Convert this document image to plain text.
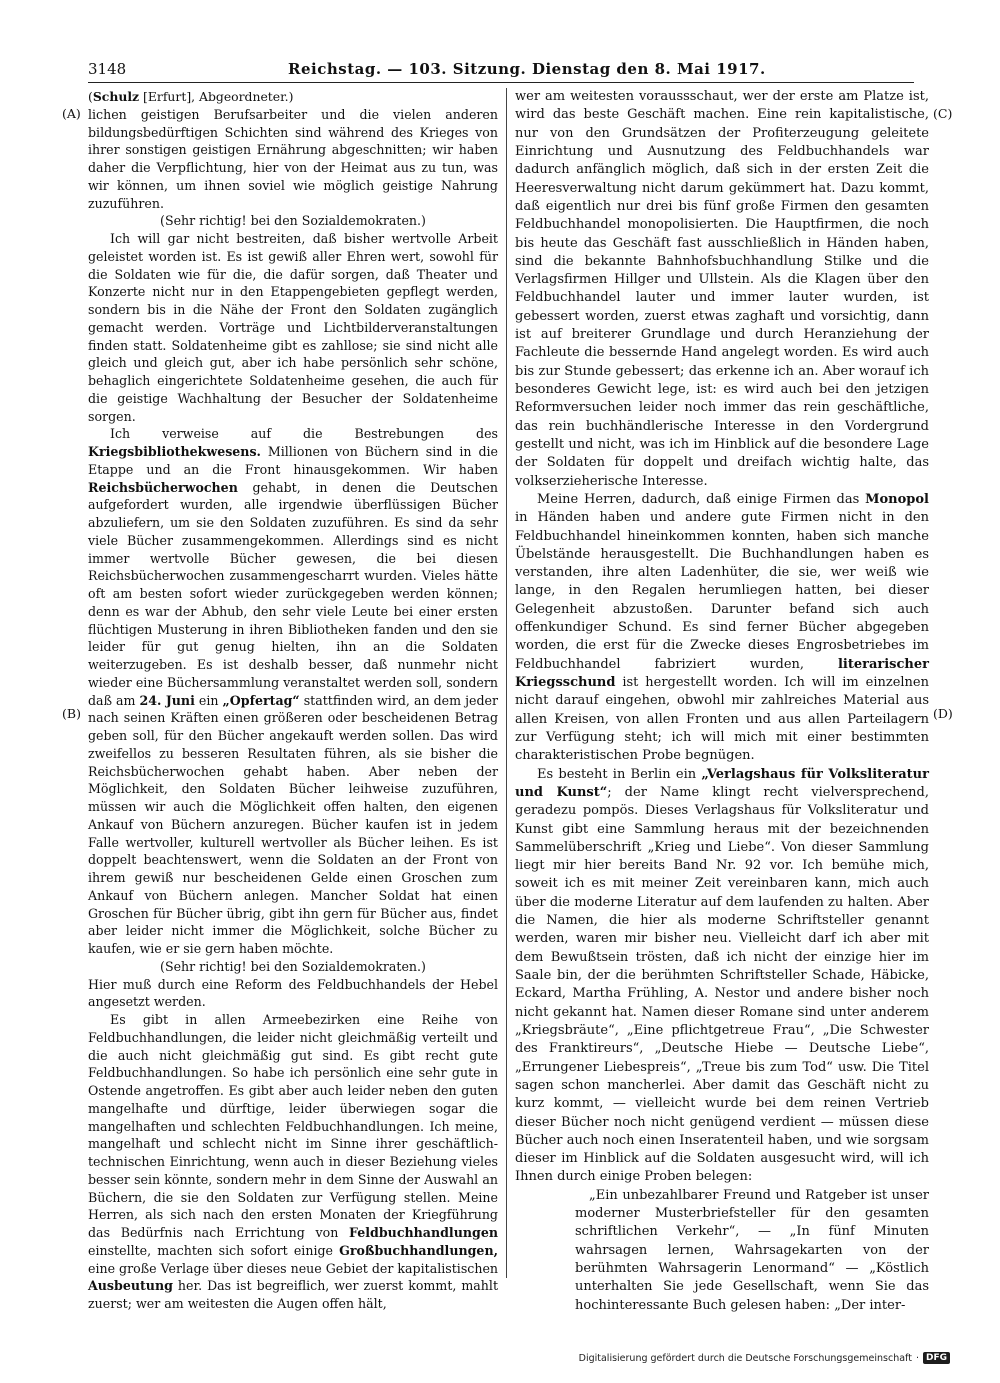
3148	Reichstag. — 103. Sitzung. Dienstag den 8. Mai 1917.
(A)
(B)
(C)
(D)

(Schulz [Erfurt], Abgeordneter.)

lichen geistigen Berufsarbeiter und die vielen anderen bildungsbedürftigen Schichten sind während des Krieges von ihrer sonstigen geistigen Ernährung abgeschnitten; wir haben daher die Verpflichtung, hier von der Heimat aus zu tun, was wir können, um ihnen soviel wie möglich geistige Nahrung zuzuführen.

(Sehr richtig! bei den Sozialdemokraten.)

Ich will gar nicht bestreiten, daß bisher wertvolle Arbeit geleistet worden ist. Es ist gewiß aller Ehren wert, sowohl für die Soldaten wie für die, die dafür sorgen, daß Theater und Konzerte nicht nur in den Etappengebieten gepflegt werden, sondern bis in die Nähe der Front den Soldaten zugänglich gemacht werden. Vorträge und Lichtbilderveranstaltungen finden statt. Soldatenheime gibt es zahllose; sie sind nicht alle gleich und gleich gut, aber ich habe persönlich sehr schöne, behaglich eingerichtete Soldatenheime gesehen, die auch für die geistige Wachhaltung der Besucher der Soldatenheime sorgen.

Ich verweise auf die Bestrebungen des Kriegsbibliothekwesens. Millionen von Büchern sind in die Etappe und an die Front hinausgekommen. Wir haben Reichsbücherwochen gehabt, in denen die Deutschen aufgefordert wurden, alle irgendwie überflüssigen Bücher abzuliefern, um sie den Soldaten zuzuführen. Es sind da sehr viele Bücher zusammengekommen. Allerdings sind es nicht immer wertvolle Bücher gewesen, die bei diesen Reichsbücherwochen zusammengescharrt wurden. Vieles hätte oft am besten sofort wieder zurückgegeben werden können; denn es war der Abhub, den sehr viele Leute bei einer ersten flüchtigen Musterung in ihren Bibliotheken fanden und den sie leider für gut genug hielten, ihn an die Soldaten weiterzugeben. Es ist deshalb besser, daß nunmehr nicht wieder eine Büchersammlung veranstaltet werden soll, sondern daß am 24. Juni ein „Opfertag“ stattfinden wird, an dem jeder nach seinen Kräften einen größeren oder bescheidenen Betrag geben soll, für den Bücher angekauft werden sollen. Das wird zweifellos zu besseren Resultaten führen, als sie bisher die Reichsbücherwochen gehabt haben. Aber neben der Möglichkeit, den Soldaten Bücher leihweise zuzuführen, müssen wir auch die Möglichkeit offen halten, den eigenen Ankauf von Büchern anzuregen. Bücher kaufen ist in jedem Falle wertvoller, kulturell wertvoller als Bücher leihen. Es ist doppelt beachtenswert, wenn die Soldaten an der Front von ihrem gewiß nur bescheidenen Gelde einen Groschen zum Ankauf von Büchern anlegen. Mancher Soldat hat einen Groschen für Bücher übrig, gibt ihn gern für Bücher aus, findet aber leider nicht immer die Möglichkeit, solche Bücher zu kaufen, wie er sie gern haben möchte.

(Sehr richtig! bei den Sozialdemokraten.)

Hier muß durch eine Reform des Feldbuchhandels der Hebel angesetzt werden.

Es gibt in allen Armeebezirken eine Reihe von Feldbuchhandlungen, die leider nicht gleichmäßig verteilt und die auch nicht gleichmäßig gut sind. Es gibt recht gute Feldbuchhandlungen. So habe ich persönlich eine sehr gute in Ostende angetroffen. Es gibt aber auch leider neben den guten mangelhafte und dürftige, leider überwiegen sogar die mangelhaften und schlechten Feldbuchhandlungen. Ich meine, mangelhaft und schlecht nicht im Sinne ihrer geschäftlich-technischen Einrichtung, wenn auch in dieser Beziehung vieles besser sein könnte, sondern mehr in dem Sinne der Auswahl an Büchern, die sie den Soldaten zur Verfügung stellen. Meine Herren, als sich nach den ersten Monaten der Kriegführung das Bedürfnis nach Errichtung von Feldbuchhandlungen einstellte, machten sich sofort einige Großbuchhandlungen, eine große Verlage über dieses neue Gebiet der kapitalistischen Ausbeutung her. Das ist begreiflich, wer zuerst kommt, mahlt zuerst; wer am weitesten die Augen offen hält,

wer am weitesten voraussschaut, wer der erste am Platze ist, wird das beste Geschäft machen. Eine rein kapitalistische, nur von den Grundsätzen der Profiterzeugung geleitete Einrichtung und Ausnutzung des Feldbuchhandels war dadurch anfänglich möglich, daß sich in der ersten Zeit die Heeresverwaltung nicht darum gekümmert hat. Dazu kommt, daß eigentlich nur drei bis fünf große Firmen den gesamten Feldbuchhandel monopolisierten. Die Hauptfirmen, die noch bis heute das Geschäft fast ausschließlich in Händen haben, sind die bekannte Bahnhofsbuchhandlung Stilke und die Verlagsfirmen Hillger und Ullstein. Als die Klagen über den Feldbuchhandel lauter und immer lauter wurden, ist gebessert worden, zuerst etwas zaghaft und vorsichtig, dann ist auf breiterer Grundlage und durch Heranziehung der Fachleute die bessernde Hand angelegt worden. Es wird auch bis zur Stunde gebessert; das erkenne ich an. Aber worauf ich besonderes Gewicht lege, ist: es wird auch bei den jetzigen Reformversuchen leider noch immer das rein geschäftliche, das rein buchhändlerische Interesse in den Vordergrund gestellt und nicht, was ich im Hinblick auf die besondere Lage der Soldaten für doppelt und dreifach wichtig halte, das volkserzieherische Interesse.

Meine Herren, dadurch, daß einige Firmen das Monopol in Händen haben und andere gute Firmen nicht in den Feldbuchhandel hineinkommen konnten, haben sich manche Übelstände herausgestellt. Die Buchhandlungen haben es verstanden, ihre alten Ladenhüter, die sie, wer weiß wie lange, in den Regalen herumliegen hatten, bei dieser Gelegenheit abzustoßen. Darunter befand sich auch offenkundiger Schund. Es sind ferner Bücher abgegeben worden, die erst für die Zwecke dieses Engrosbetriebes im Feldbuchhandel fabriziert wurden, literarischer Kriegsschund ist hergestellt worden. Ich will im einzelnen nicht darauf eingehen, obwohl mir zahlreiches Material aus allen Kreisen, von allen Fronten und aus allen Parteilagern zur Verfügung steht; ich will mich mit einer bestimmten charakteristischen Probe begnügen.

Es besteht in Berlin ein „Verlagshaus für Volksliteratur und Kunst“; der Name klingt recht vielversprechend, geradezu pompös. Dieses Verlagshaus für Volksliteratur und Kunst gibt eine Sammlung heraus mit der bezeichnenden Sammelüberschrift „Krieg und Liebe“. Von dieser Sammlung liegt mir hier bereits Band Nr. 92 vor. Ich bemühe mich, soweit ich es mit meiner Zeit vereinbaren kann, mich auch über die moderne Literatur auf dem laufenden zu halten. Aber die Namen, die hier als moderne Schriftsteller genannt werden, waren mir bisher neu. Vielleicht darf ich aber mit dem Bewußtsein trösten, daß ich nicht der einzige hier im Saale bin, der die berühmten Schriftsteller Schade, Häbicke, Eckard, Martha Frühling, A. Nestor und andere bisher noch nicht gekannt hat. Namen dieser Romane sind unter anderem „Kriegsbräute“, „Eine pflichtgetreue Frau“, „Die Schwester des Franktireurs“, „Deutsche Hiebe — Deutsche Liebe“, „Errungener Liebespreis“, „Treue bis zum Tod“ usw. Die Titel sagen schon mancherlei. Aber damit das Geschäft nicht zu kurz kommt, — vielleicht wurde bei dem reinen Vertrieb dieser Bücher noch nicht genügend verdient — müssen diese Bücher auch noch einen Inseratenteil haben, und wie sorgsam dieser im Hinblick auf die Soldaten ausgesucht wird, will ich Ihnen durch einige Proben belegen:

„Ein unbezahlbarer Freund und Ratgeber ist unser moderner Musterbriefsteller für den gesamten schriftlichen Verkehr“, — „In fünf Minuten wahrsagen lernen, Wahrsagekarten von der berühmten Wahrsagerin Lenormand“ — „Köstlich unterhalten Sie jede Gesellschaft, wenn Sie das hochinteressante Buch gelesen haben: „Der inter-

Digitalisierung gefördert durch die Deutsche Forschungsgemeinschaft · DFG
